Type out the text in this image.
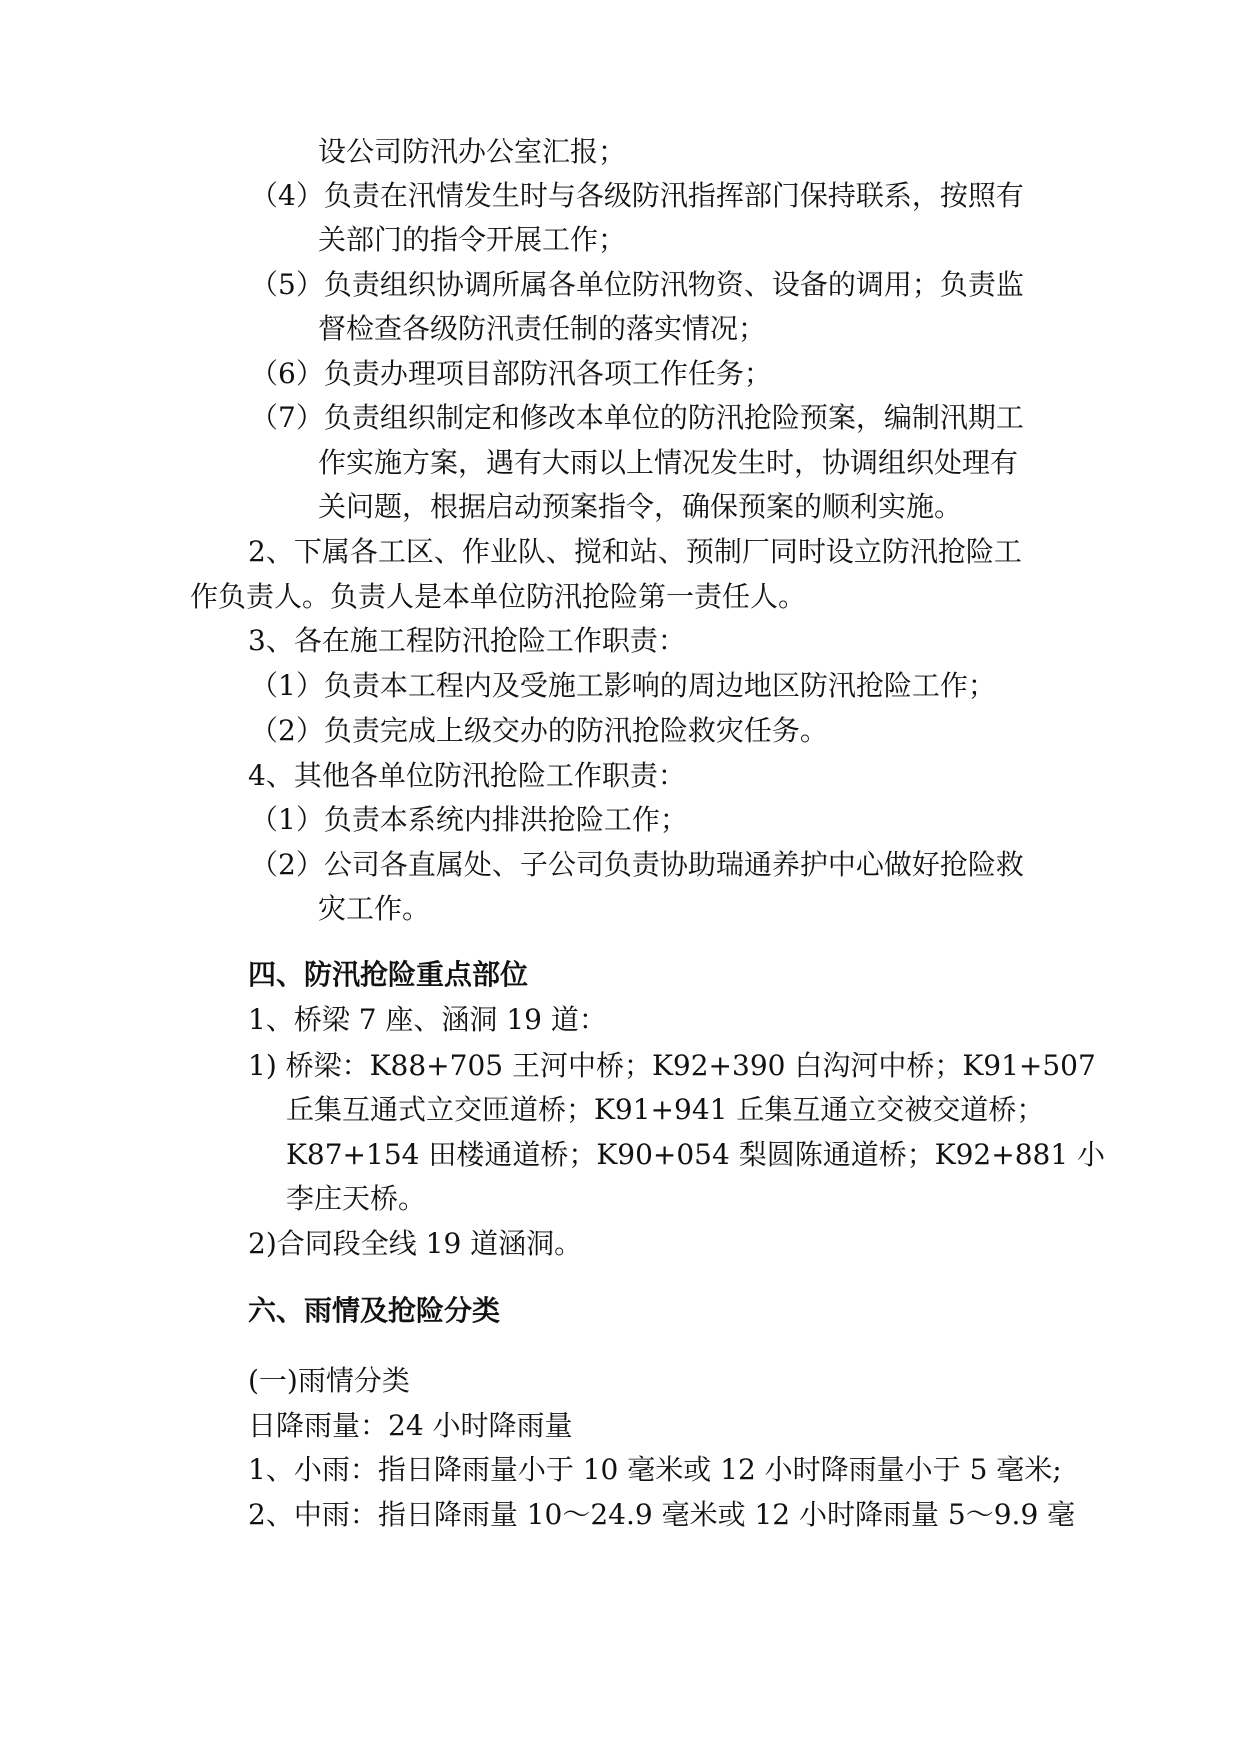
设公司防汛办公室汇报；
（4）负责在汛情发生时与各级防汛指挥部门保持联系，按照有
关部门的指令开展工作；
（5）负责组织协调所属各单位防汛物资、设备的调用；负责监
督检查各级防汛责任制的落实情况；
（6）负责办理项目部防汛各项工作任务；
（7）负责组织制定和修改本单位的防汛抢险预案，编制汛期工
作实施方案，遇有大雨以上情况发生时，协调组织处理有
关问题，根据启动预案指令，确保预案的顺利实施。
2、下属各工区、作业队、搅和站、预制厂同时设立防汛抢险工
作负责人。负责人是本单位防汛抢险第一责任人。
3、各在施工程防汛抢险工作职责：
（1）负责本工程内及受施工影响的周边地区防汛抢险工作；
（2）负责完成上级交办的防汛抢险救灾任务。
4、其他各单位防汛抢险工作职责：
（1）负责本系统内排洪抢险工作；
（2）公司各直属处、子公司负责协助瑞通养护中心做好抢险救
灾工作。
四、防汛抢险重点部位
1、桥梁 7 座、涵洞 19 道：
1) 桥梁：K88+705 王河中桥；K92+390 白沟河中桥；K91+507
丘集互通式立交匝道桥；K91+941 丘集互通立交被交道桥；
K87+154 田楼通道桥；K90+054 梨圆陈通道桥；K92+881 小
李庄天桥。
2)合同段全线 19 道涵洞。
六、雨情及抢险分类
(一)雨情分类
日降雨量：24 小时降雨量
1、小雨：指日降雨量小于 10 毫米或 12 小时降雨量小于 5 毫米;
2、中雨：指日降雨量 10～24.9 毫米或 12 小时降雨量 5～9.9 毫
